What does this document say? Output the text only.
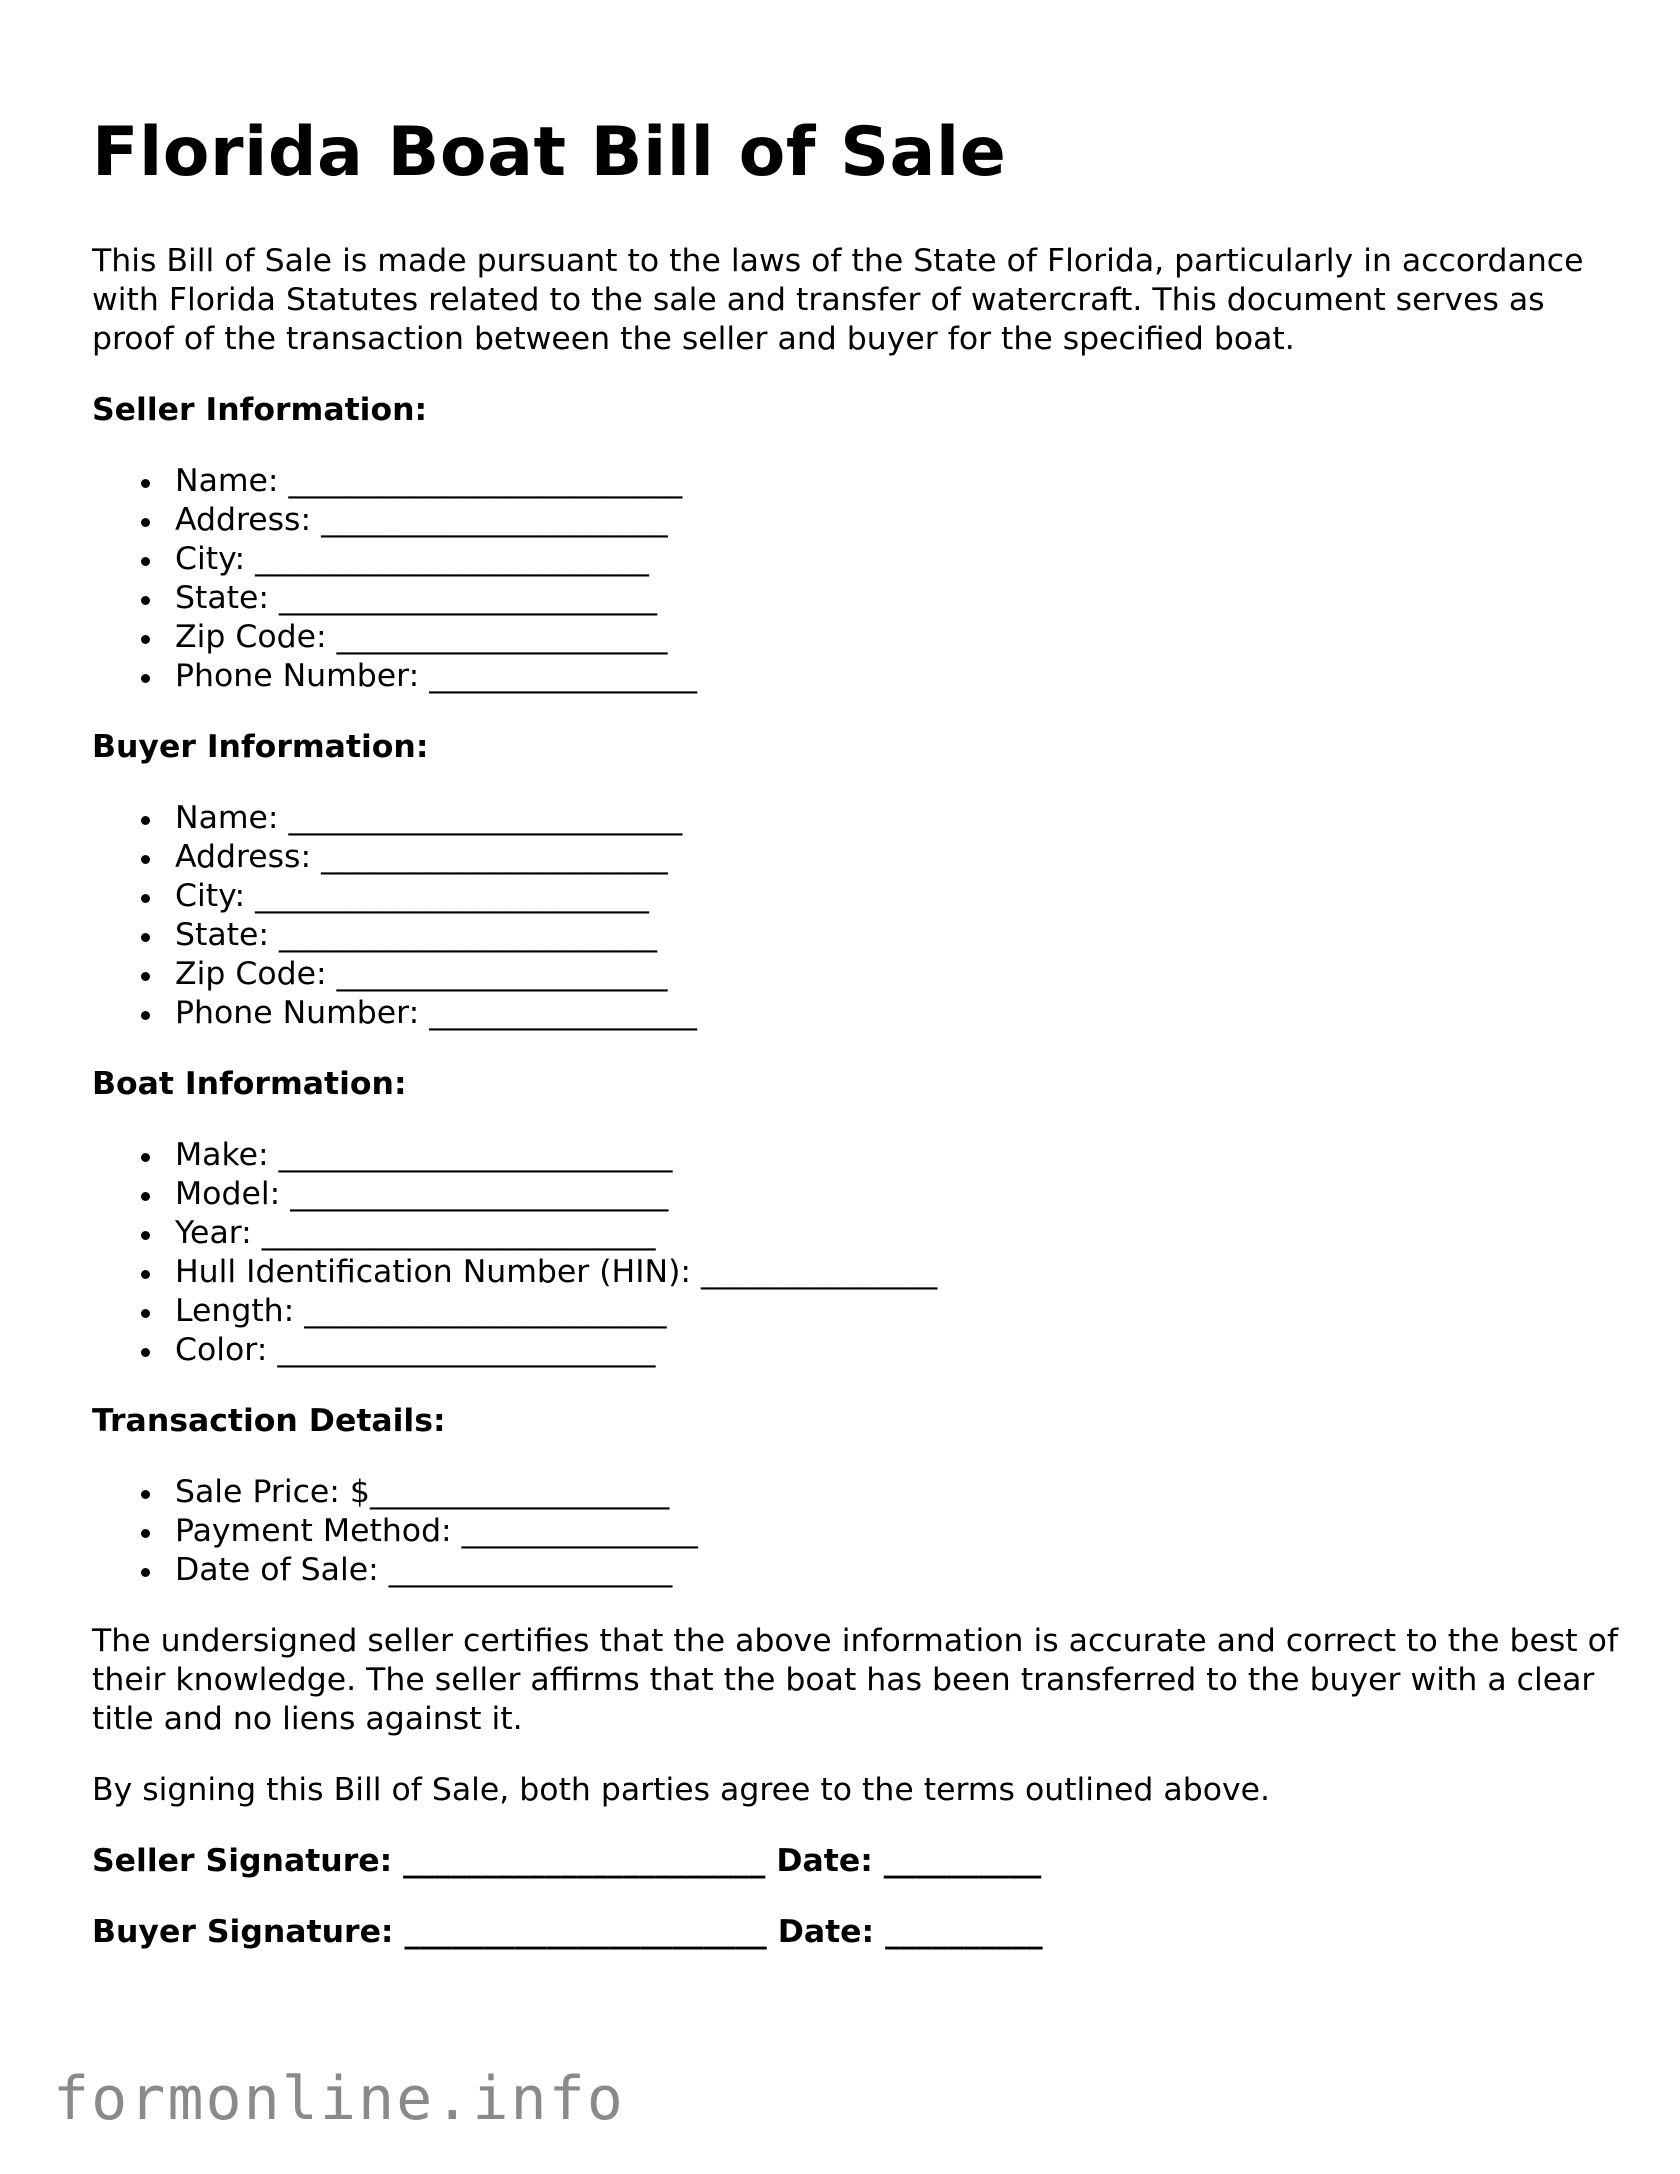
Florida Boat Bill of Sale

This Bill of Sale is made pursuant to the laws of the State of Florida, particularly in accordance with Florida Statutes related to the sale and transfer of watercraft. This document serves as proof of the transaction between the seller and buyer for the specified boat.

Seller Information:

Name: _________________________
Address: ______________________
City: _________________________
State: ________________________
Zip Code: _____________________
Phone Number: _________________

Buyer Information:

Name: _________________________
Address: ______________________
City: _________________________
State: ________________________
Zip Code: _____________________
Phone Number: _________________

Boat Information:

Make: _________________________
Model: ________________________
Year: _________________________
Hull Identification Number (HIN): _______________
Length: _______________________
Color: ________________________

Transaction Details:

Sale Price: $___________________
Payment Method: _______________
Date of Sale: __________________

The undersigned seller certifies that the above information is accurate and correct to the best of their knowledge. The seller affirms that the boat has been transferred to the buyer with a clear title and no liens against it.

By signing this Bill of Sale, both parties agree to the terms outlined above.

Seller Signature: _______________________ Date: __________

Buyer Signature: _______________________ Date: __________

formonline.info
